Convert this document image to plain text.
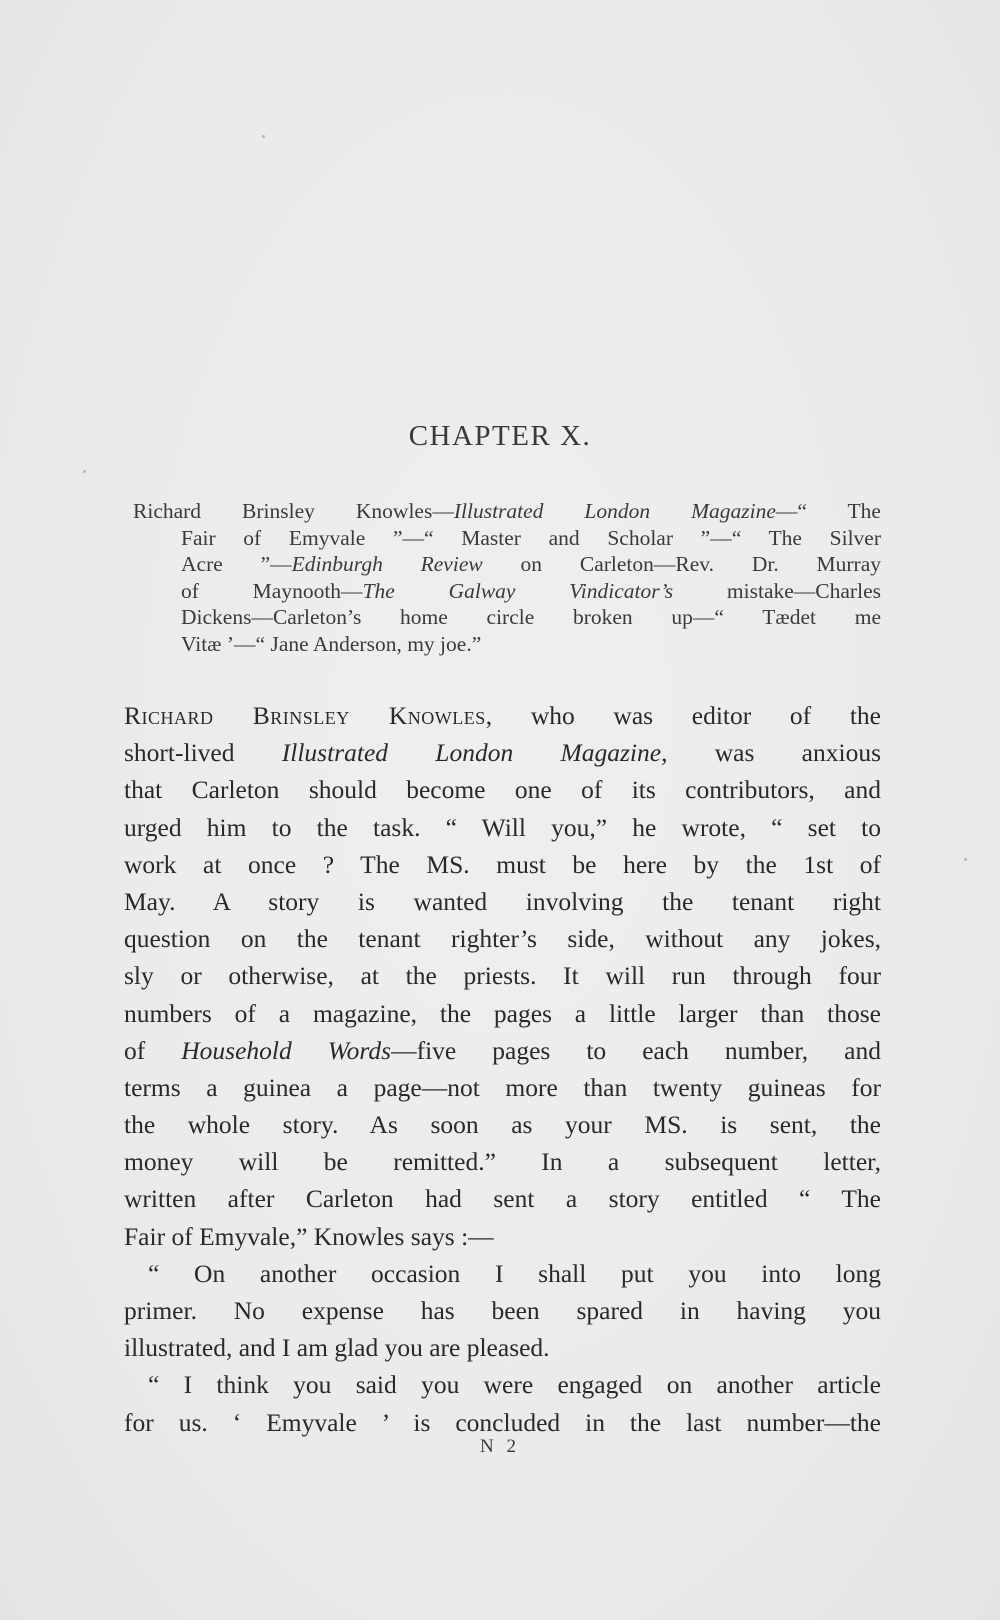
CHAPTER X.
Richard Brinsley Knowles—Illustrated London Magazine—“ The
Fair of Emyvale ”—“ Master and Scholar ”—“ The Silver
Acre ”—Edinburgh Review on Carleton—Rev. Dr. Murray
of Maynooth—The Galway Vindicator’s mistake—Charles
Dickens—Carleton’s home circle broken up—“ Tædet me
Vitæ ’—“ Jane Anderson, my joe.”
Richard Brinsley Knowles, who was editor of the
short-lived Illustrated London Magazine, was anxious
that Carleton should become one of its contributors, and
urged him to the task. “ Will you,” he wrote, “ set to
work at once ? The MS. must be here by the 1st of
May. A story is wanted involving the tenant right
question on the tenant righter’s side, without any jokes,
sly or otherwise, at the priests. It will run through four
numbers of a magazine, the pages a little larger than those
of Household Words—five pages to each number, and
terms a guinea a page—not more than twenty guineas for
the whole story. As soon as your MS. is sent, the
money will be remitted.” In a subsequent letter,
written after Carleton had sent a story entitled “ The
Fair of Emyvale,” Knowles says :—
“ On another occasion I shall put you into long
primer. No expense has been spared in having you
illustrated, and I am glad you are pleased.
“ I think you said you were engaged on another article
for us. ‘ Emyvale ’ is concluded in the last number—the
N 2
